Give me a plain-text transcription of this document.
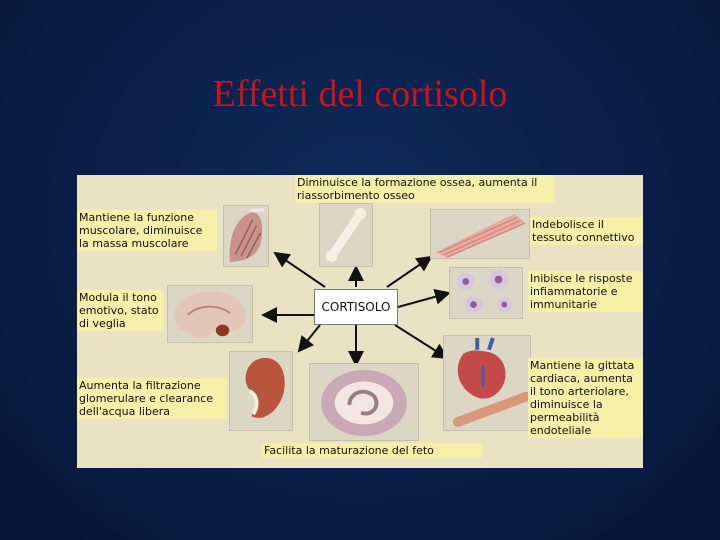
Effetti del cortisolo
CORTISOLO
Diminuisce la formazione ossea, aumenta il riassorbimento osseo
Mantiene la funzione muscolare, diminuisce la massa muscolare
Indebolisce il tessuto connettivo
Modula il tono emotivo, stato di veglia
Inibisce le risposte infiammatorie e immunitarie
Aumenta la filtrazione glomerulare e clearance dell'acqua libera
Facilita la maturazione del feto
Mantiene la gittata cardiaca, aumenta il tono arteriolare, diminuisce la permeabilità endoteliale
